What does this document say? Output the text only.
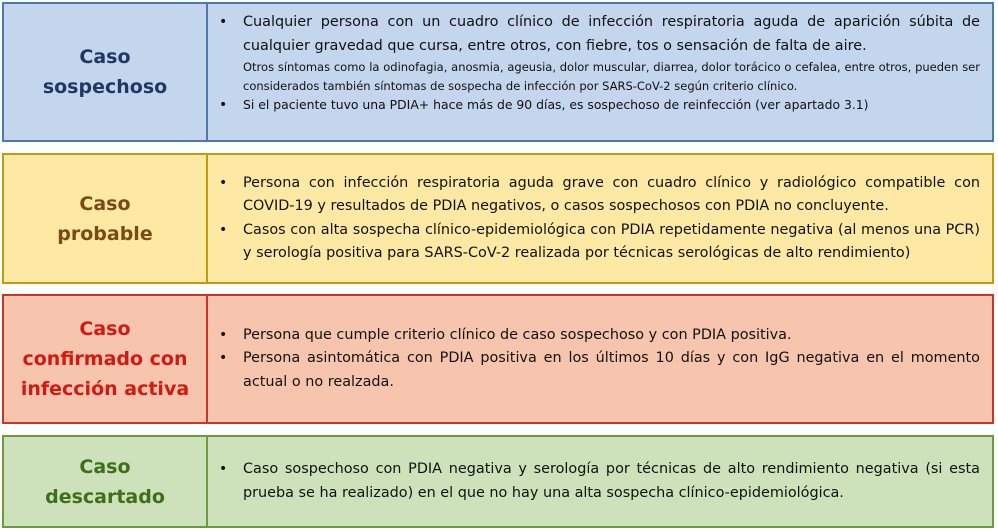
Caso
sospechoso
• Cualquier persona con un cuadro clínico de infección respiratoria aguda de aparición súbita de cualquier gravedad que cursa, entre otros, con fiebre, tos o sensación de falta de aire.
Otros síntomas como la odinofagia, anosmia, ageusia, dolor muscular, diarrea, dolor torácico o cefalea, entre otros, pueden ser considerados también síntomas de sospecha de infección por SARS-CoV-2 según criterio clínico.
• Si el paciente tuvo una PDIA+ hace más de 90 días, es sospechoso de reinfección (ver apartado 3.1)
Caso
probable
• Persona con infección respiratoria aguda grave con cuadro clínico y radiológico compatible con COVID-19 y resultados de PDIA negativos, o casos sospechosos con PDIA no concluyente.
• Casos con alta sospecha clínico-epidemiológica con PDIA repetidamente negativa (al menos una PCR) y serología positiva para SARS-CoV-2 realizada por técnicas serológicas de alto rendimiento)
Caso
confirmado con
infección activa
• Persona que cumple criterio clínico de caso sospechoso y con PDIA positiva.
• Persona asintomática con PDIA positiva en los últimos 10 días y con IgG negativa en el momento actual o no realzada.
Caso
descartado
• Caso sospechoso con PDIA negativa y serología por técnicas de alto rendimiento negativa (si esta prueba se ha realizado) en el que no hay una alta sospecha clínico-epidemiológica.
